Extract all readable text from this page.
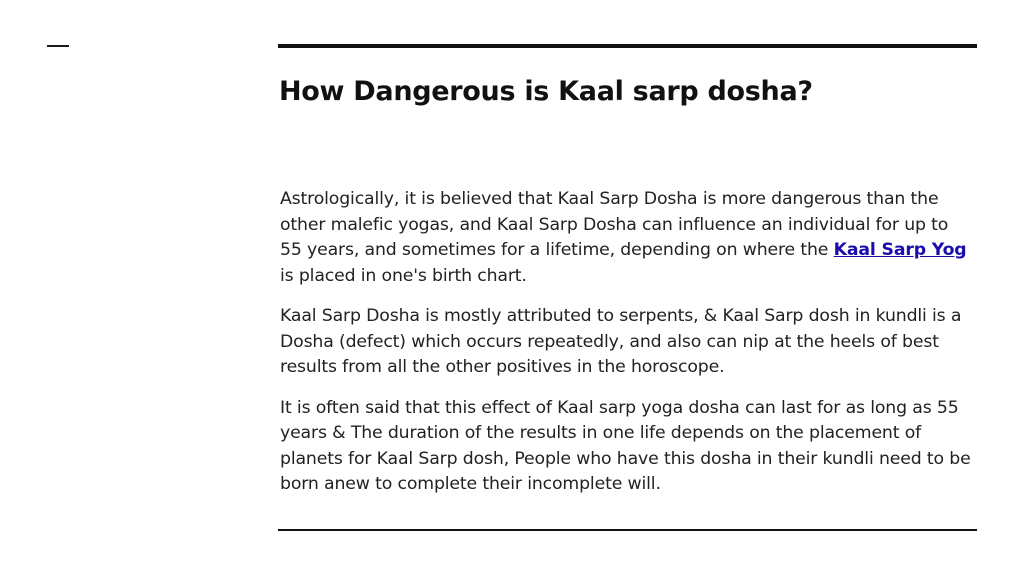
How Dangerous is Kaal sarp dosha?

Astrologically, it is believed that Kaal Sarp Dosha is more dangerous than the other malefic yogas, and Kaal Sarp Dosha can influence an individual for up to 55 years, and sometimes for a lifetime, depending on where the Kaal Sarp Yog is placed in one's birth chart.

Kaal Sarp Dosha is mostly attributed to serpents, & Kaal Sarp dosh in kundli is a Dosha (defect) which occurs repeatedly, and also can nip at the heels of best results from all the other positives in the horoscope.

It is often said that this effect of Kaal sarp yoga dosha can last for as long as 55 years & The duration of the results in one life depends on the placement of planets for Kaal Sarp dosh, People who have this dosha in their kundli need to be born anew to complete their incomplete will.
